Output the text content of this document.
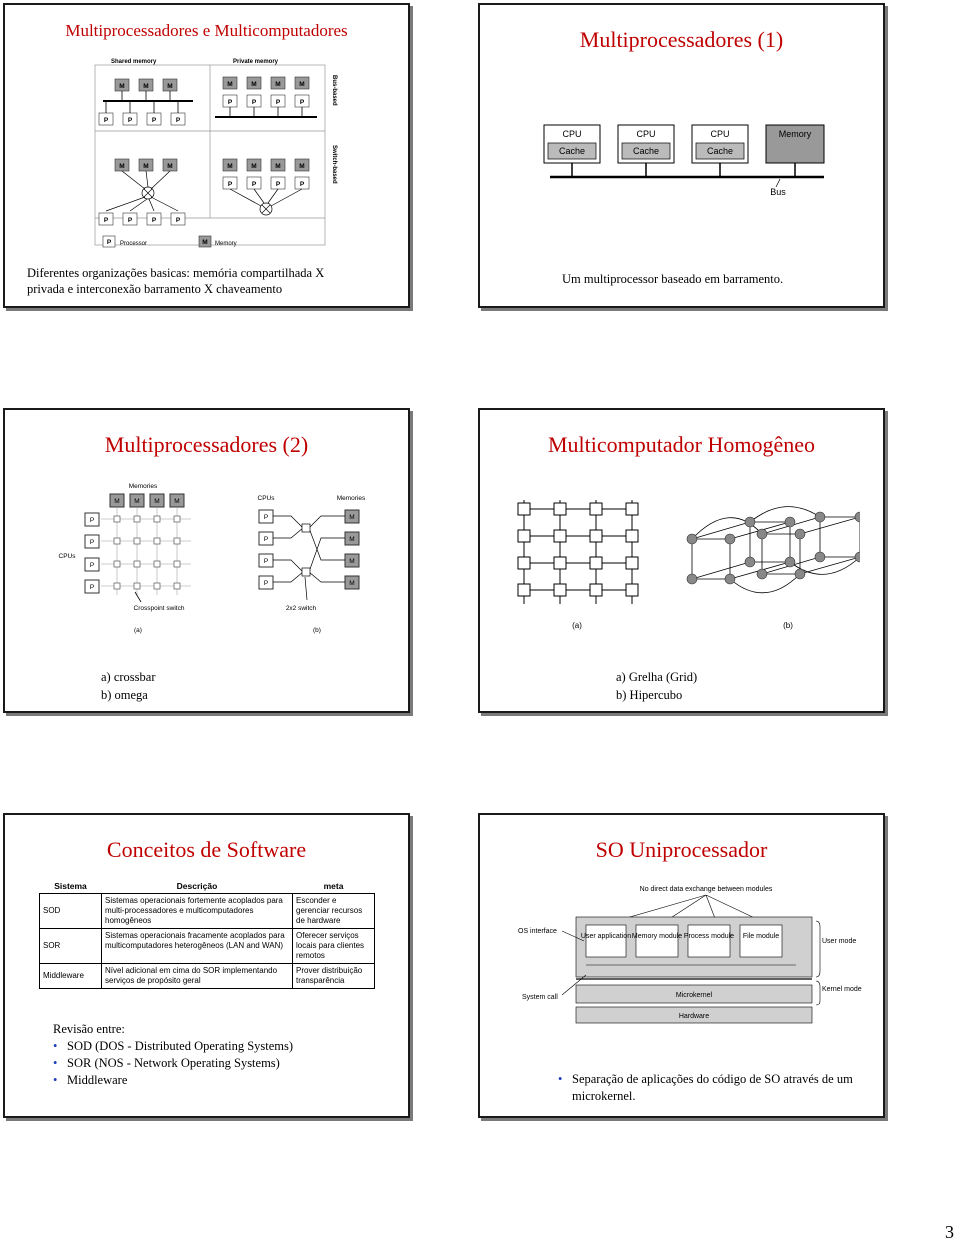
Multiprocessadores e Multicomputadores
Shared memory	Private memory
Bus-based
Switch-based
M	M	M
P	P	P	P
M	M	M	M
P	P	P	P
M	M	M
P	P	P	P
M	M	M	M
P	P	P	P
P	M
Processor	Memory
Diferentes organizações basicas: memória compartilhada X privada e interconexão barramento X chaveamento
Multiprocessadores (1)
CPU
Cache
CPU
Cache
CPU
Cache
Memory
Bus
Um multiprocessor baseado em barramento.
Multiprocessadores (2)
Memories
CPUs
M M M M
P
P
P
P
Crosspoint switch
(a)
CPUs	Memories
P
P
P
P
M
M
M
M
2x2 switch
(b)
a) crossbar
b) omega
Multicomputador Homogêneo
(a)	(b)
a) Grelha (Grid)
b) Hipercubo
Conceitos de Software
Sistema	Descrição	meta
SOD	Sistemas operacionais fortemente acoplados para multi-processadores e multicomputadores homogêneos	Esconder e gerenciar recursos de hardware
SOR	Sistemas operacionais fracamente acoplados para multicomputadores heterogêneos (LAN and WAN)	Oferecer serviços locais para clientes remotos
Middleware	Nível adicional em cima do SOR implementando serviços de propósito geral	Prover distribuição transparência
Revisão entre:
• SOD (DOS - Distributed Operating Systems)
• SOR (NOS - Network Operating Systems)
• Middleware
SO Uniprocessador
No direct data exchange between modules
User application Memory module Process module File module
Microkernel
Hardware
OS interface
System call
User mode
Kernel mode
• Separação de aplicações do código de SO através de um microkernel.
3
